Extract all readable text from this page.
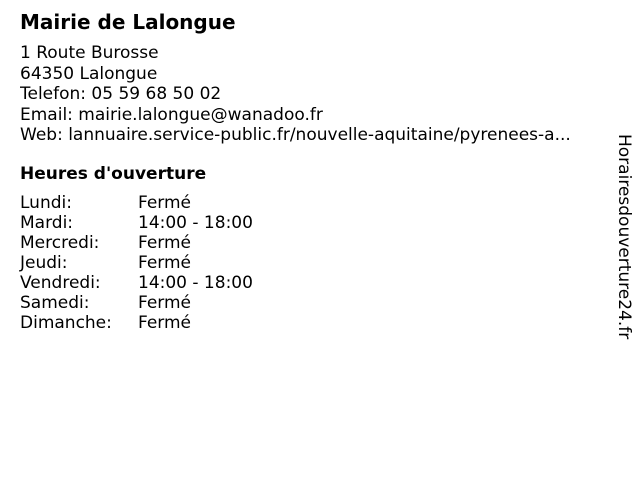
Mairie de Lalongue
1 Route Burosse
64350 Lalongue
Telefon: 05 59 68 50 02
Email: mairie.lalongue@wanadoo.fr
Web: lannuaire.service-public.fr/nouvelle-aquitaine/pyrenees-a...
Heures d'ouverture
Lundi:	Fermé
Mardi:	14:00 - 18:00
Mercredi: Fermé
Jeudi:	Fermé
Vendredi: 14:00 - 18:00
Samedi:	Fermé
Dimanche: Fermé	Horairesdouverture24.fr
